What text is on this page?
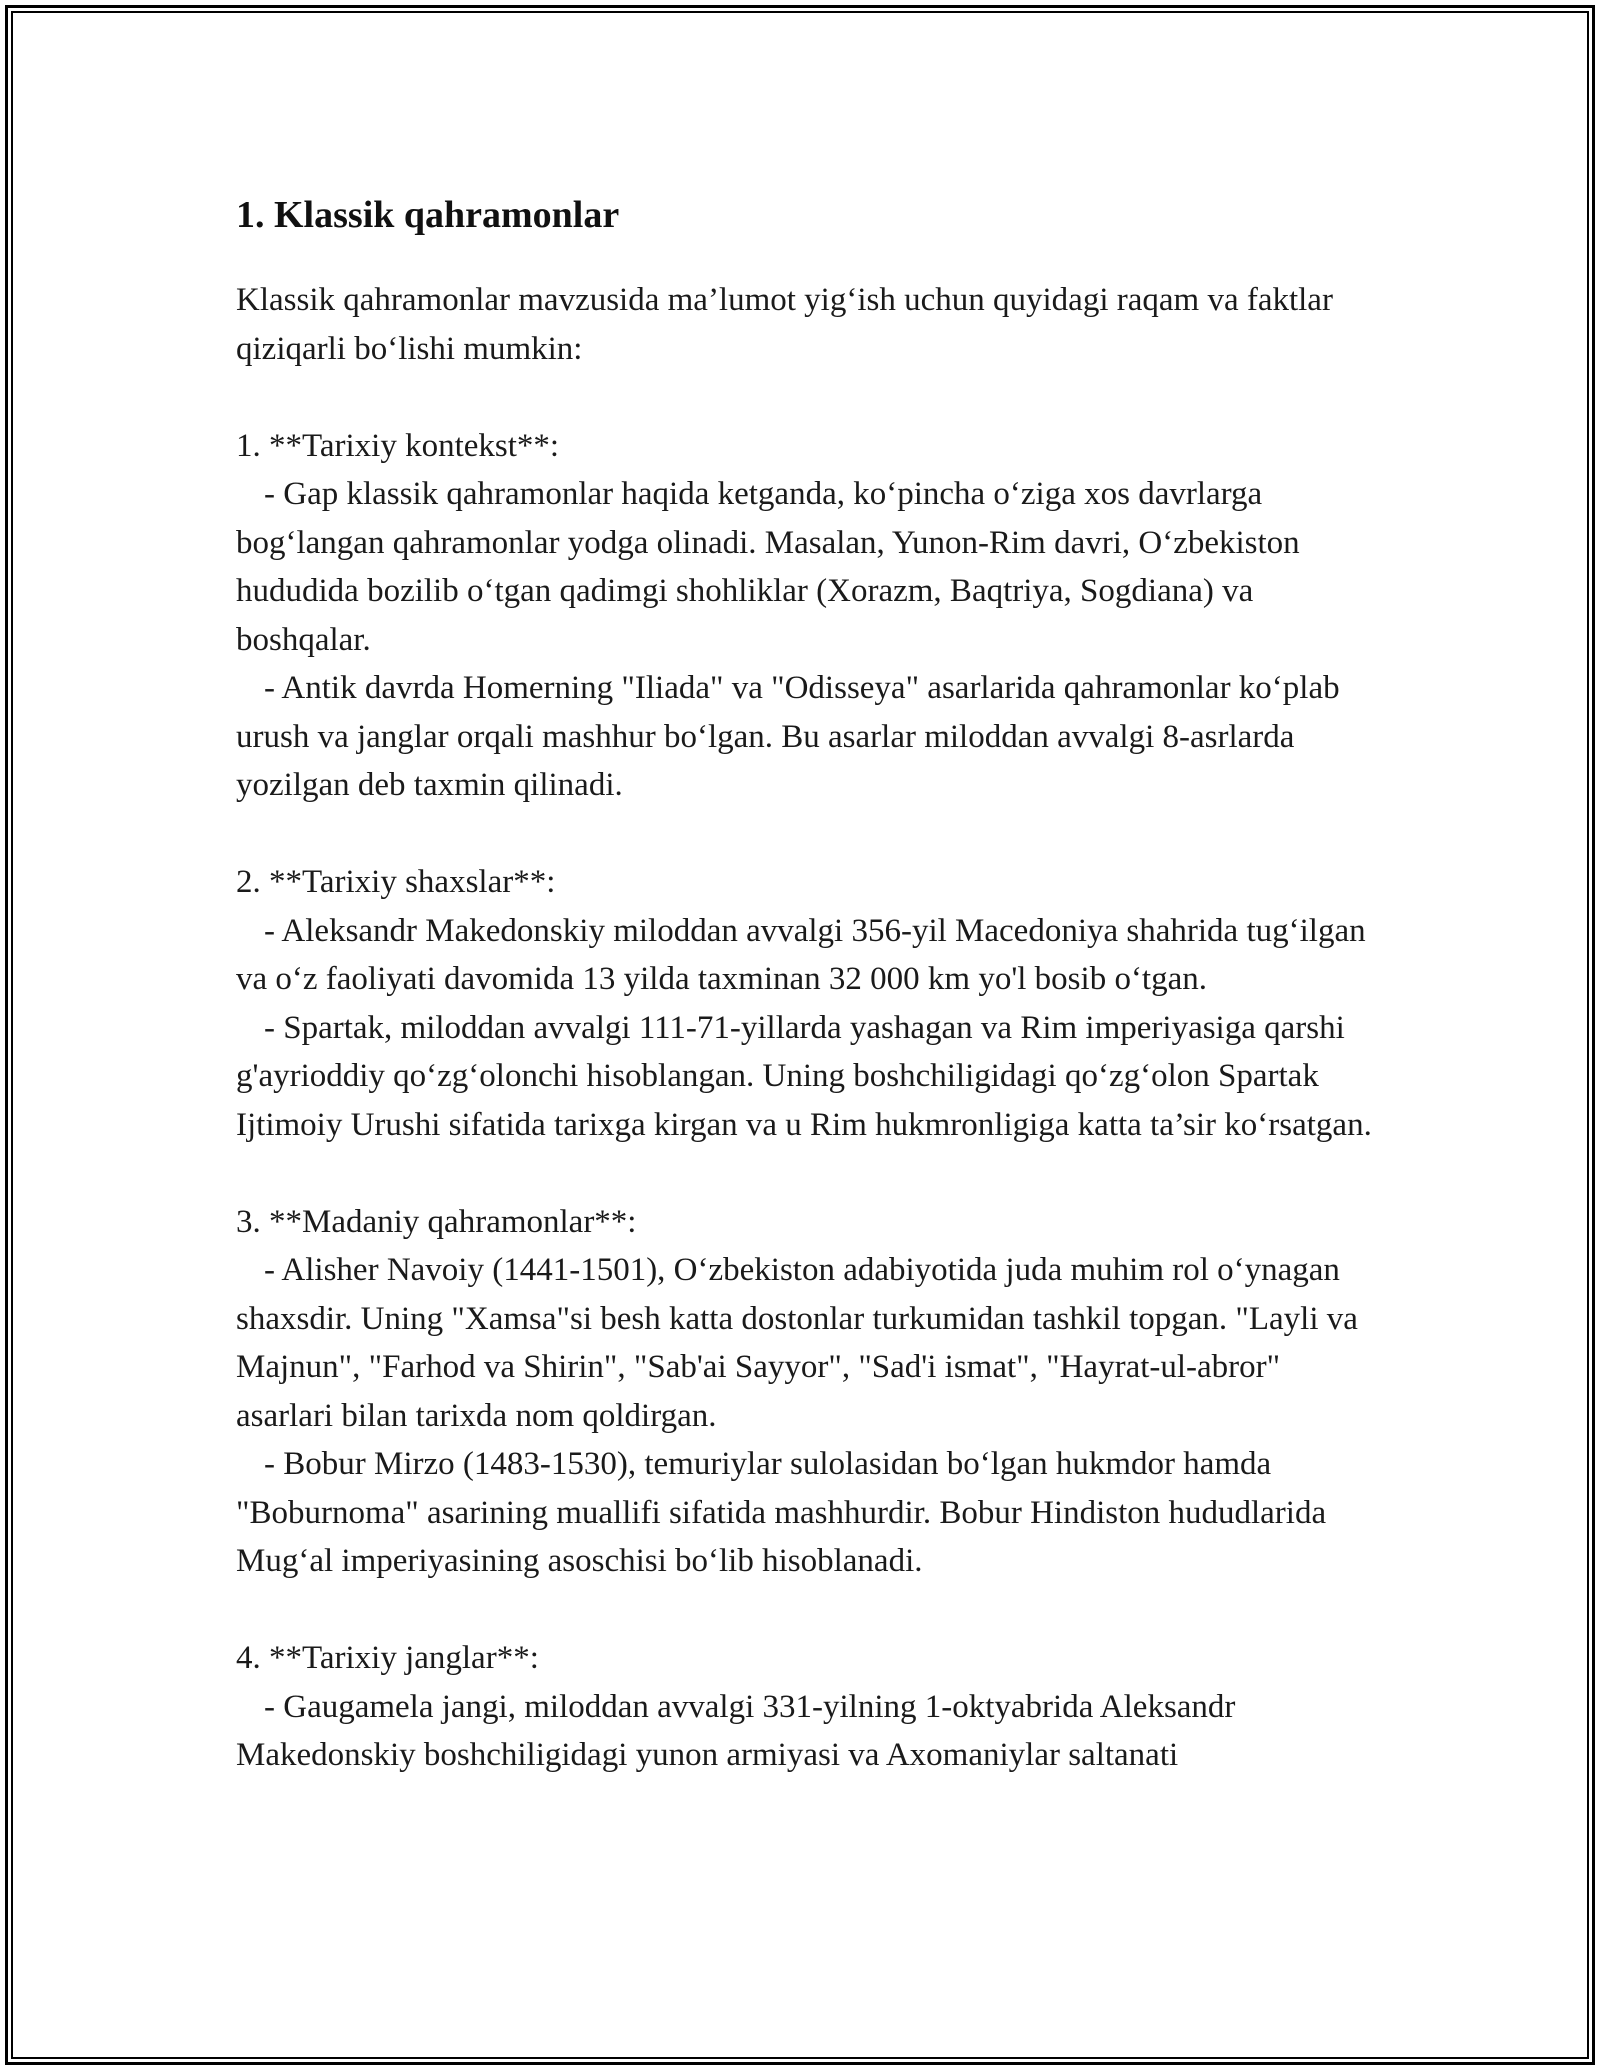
1. Klassik qahramonlar

Klassik qahramonlar mavzusida ma’lumot yig‘ish uchun quyidagi raqam va faktlar qiziqarli bo‘lishi mumkin:

1. **Tarixiy kontekst**:

- Gap klassik qahramonlar haqida ketganda, ko‘pincha o‘ziga xos davrlarga bog‘langan qahramonlar yodga olinadi. Masalan, Yunon-Rim davri, O‘zbekiston hududida bozilib o‘tgan qadimgi shohliklar (Xorazm, Baqtriya, Sogdiana) va boshqalar.

- Antik davrda Homerning "Iliada" va "Odisseya" asarlarida qahramonlar ko‘plab urush va janglar orqali mashhur bo‘lgan. Bu asarlar miloddan avvalgi 8-asrlarda yozilgan deb taxmin qilinadi.

2. **Tarixiy shaxslar**:

- Aleksandr Makedonskiy miloddan avvalgi 356-yil Macedoniya shahrida tug‘ilgan va o‘z faoliyati davomida 13 yilda taxminan 32 000 km yo'l bosib o‘tgan.

- Spartak, miloddan avvalgi 111-71-yillarda yashagan va Rim imperiyasiga qarshi g'ayrioddiy qo‘zg‘olonchi hisoblangan. Uning boshchiligidagi qo‘zg‘olon Spartak Ijtimoiy Urushi sifatida tarixga kirgan va u Rim hukmronligiga katta ta’sir ko‘rsatgan.

3. **Madaniy qahramonlar**:

- Alisher Navoiy (1441-1501), O‘zbekiston adabiyotida juda muhim rol o‘ynagan shaxsdir. Uning "Xamsa"si besh katta dostonlar turkumidan tashkil topgan. "Layli va Majnun", "Farhod va Shirin", "Sab'ai Sayyor", "Sad'i ismat", "Hayrat-ul-abror" asarlari bilan tarixda nom qoldirgan.

- Bobur Mirzo (1483-1530), temuriylar sulolasidan bo‘lgan hukmdor hamda "Boburnoma" asarining muallifi sifatida mashhurdir. Bobur Hindiston hududlarida Mug‘al imperiyasining asoschisi bo‘lib hisoblanadi.

4. **Tarixiy janglar**:

- Gaugamela jangi, miloddan avvalgi 331-yilning 1-oktyabrida Aleksandr Makedonskiy boshchiligidagi yunon armiyasi va Axomaniylar saltanati
